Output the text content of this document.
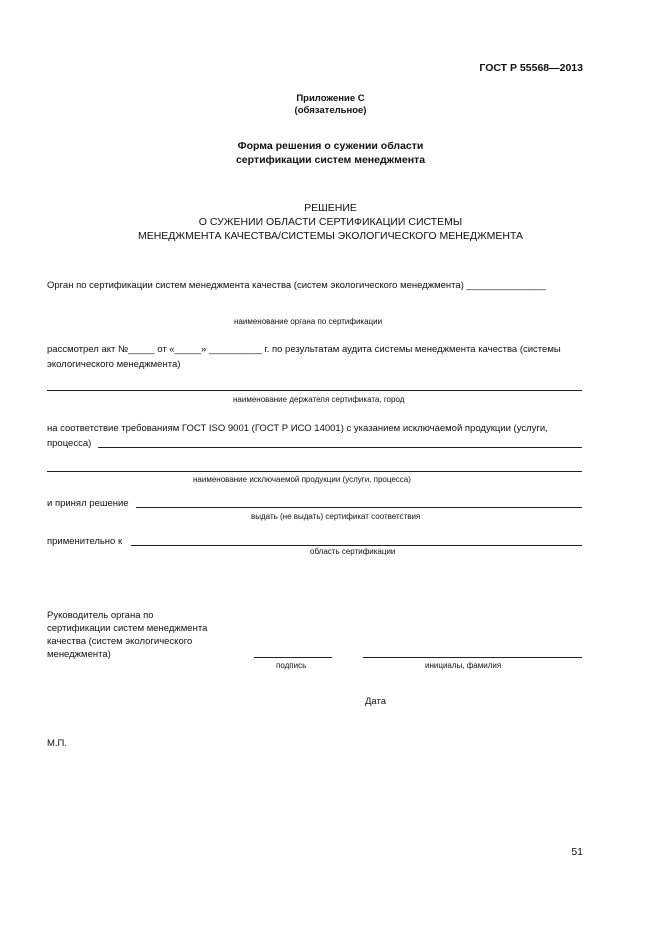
ГОСТ Р 55568—2013
Приложение С
(обязательное)
Форма решения о сужении области
сертификации систем менеджмента
РЕШЕНИЕ
О СУЖЕНИИ ОБЛАСТИ СЕРТИФИКАЦИИ СИСТЕМЫ
МЕНЕДЖМЕНТА КАЧЕСТВА/СИСТЕМЫ ЭКОЛОГИЧЕСКОГО МЕНЕДЖМЕНТА
Орган по сертификации систем менеджмента качества (систем экологического менеджмента) _______________
наименование органа по сертификации
рассмотрел акт №_____ от «_____» __________ г. по результатам аудита системы менеджмента качества (системы
экологического менеджмента)
наименование держателя сертификата, город
на соответствие требованиям ГОСТ ISO 9001 (ГОСТ Р ИСО 14001) с указанием исключаемой продукции (услуги,
процесса)
наименование исключаемой продукции (услуги, процесса)
и принял решение
выдать (не выдать) сертификат соответствия
применительно к
область сертификации
Руководитель органа по
сертификации систем менеджмента
качества (систем экологического
менеджмента)
подпись	инициалы, фамилия
Дата
М.П.
51
